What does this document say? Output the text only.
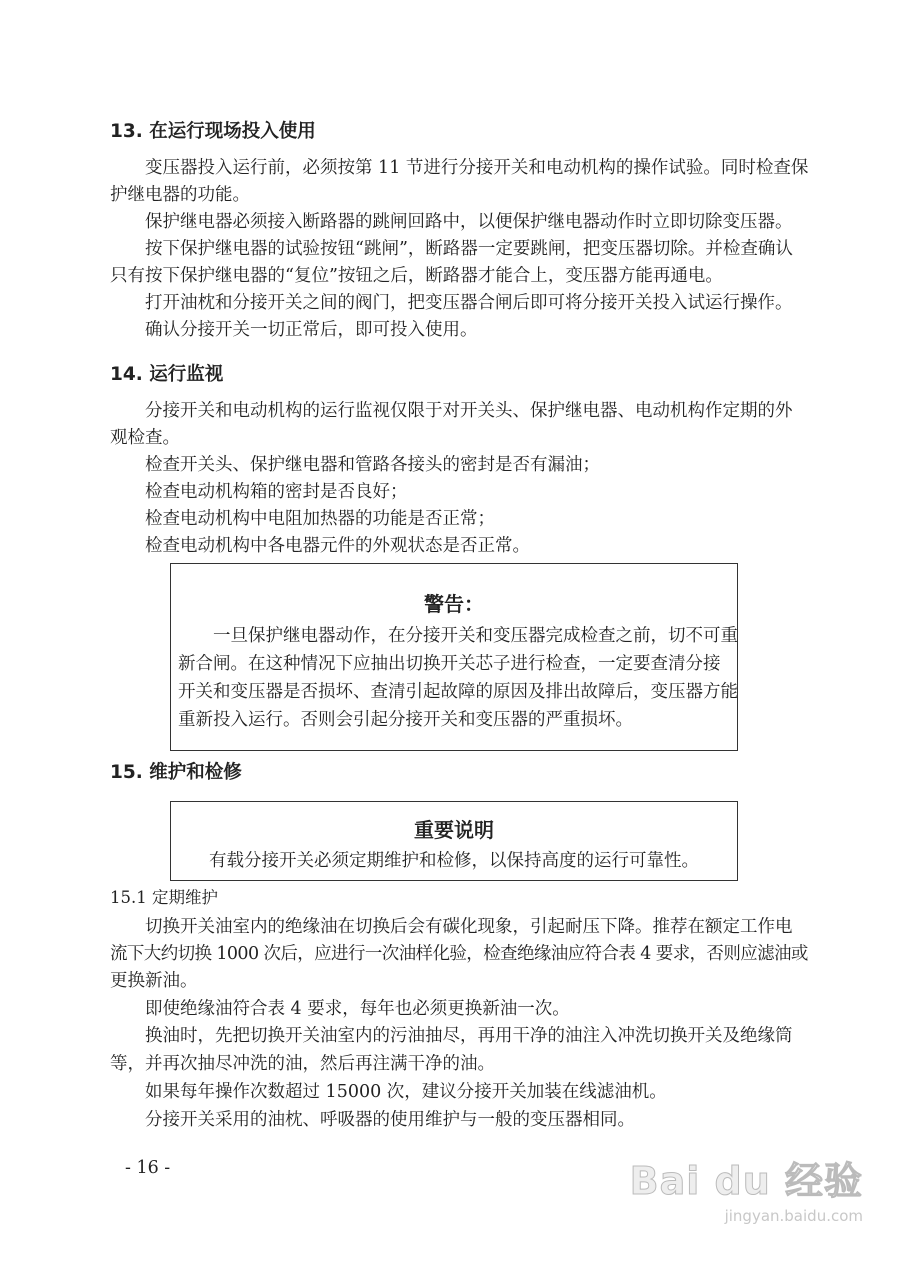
13. 在运行现场投入使用
变压器投入运行前，必须按第 11 节进行分接开关和电动机构的操作试验。同时检查保
护继电器的功能。
保护继电器必须接入断路器的跳闸回路中，以便保护继电器动作时立即切除变压器。
按下保护继电器的试验按钮“跳闸”，断路器一定要跳闸，把变压器切除。并检查确认
只有按下保护继电器的“复位”按钮之后，断路器才能合上，变压器方能再通电。
打开油枕和分接开关之间的阀门，把变压器合闸后即可将分接开关投入试运行操作。
确认分接开关一切正常后，即可投入使用。
14. 运行监视
分接开关和电动机构的运行监视仅限于对开关头、保护继电器、电动机构作定期的外
观检查。
检查开关头、保护继电器和管路各接头的密封是否有漏油；
检查电动机构箱的密封是否良好；
检查电动机构中电阻加热器的功能是否正常；
检查电动机构中各电器元件的外观状态是否正常。
警告：
一旦保护继电器动作，在分接开关和变压器完成检查之前，切不可重
新合闸。在这种情况下应抽出切换开关芯子进行检查，一定要查清分接
开关和变压器是否损坏、查清引起故障的原因及排出故障后，变压器方能
重新投入运行。否则会引起分接开关和变压器的严重损坏。
15. 维护和检修
重要说明
有载分接开关必须定期维护和检修，以保持高度的运行可靠性。
15.1 定期维护
切换开关油室内的绝缘油在切换后会有碳化现象，引起耐压下降。推荐在额定工作电
流下大约切换 1000 次后，应进行一次油样化验，检查绝缘油应符合表 4 要求，否则应滤油或
更换新油。
即使绝缘油符合表 4 要求，每年也必须更换新油一次。
换油时，先把切换开关油室内的污油抽尽，再用干净的油注入冲洗切换开关及绝缘筒
等，并再次抽尽冲洗的油，然后再注满干净的油。
如果每年操作次数超过 15000 次，建议分接开关加装在线滤油机。
分接开关采用的油枕、呼吸器的使用维护与一般的变压器相同。
- 16 -	Bai du 经验
jingyan.baidu.com
